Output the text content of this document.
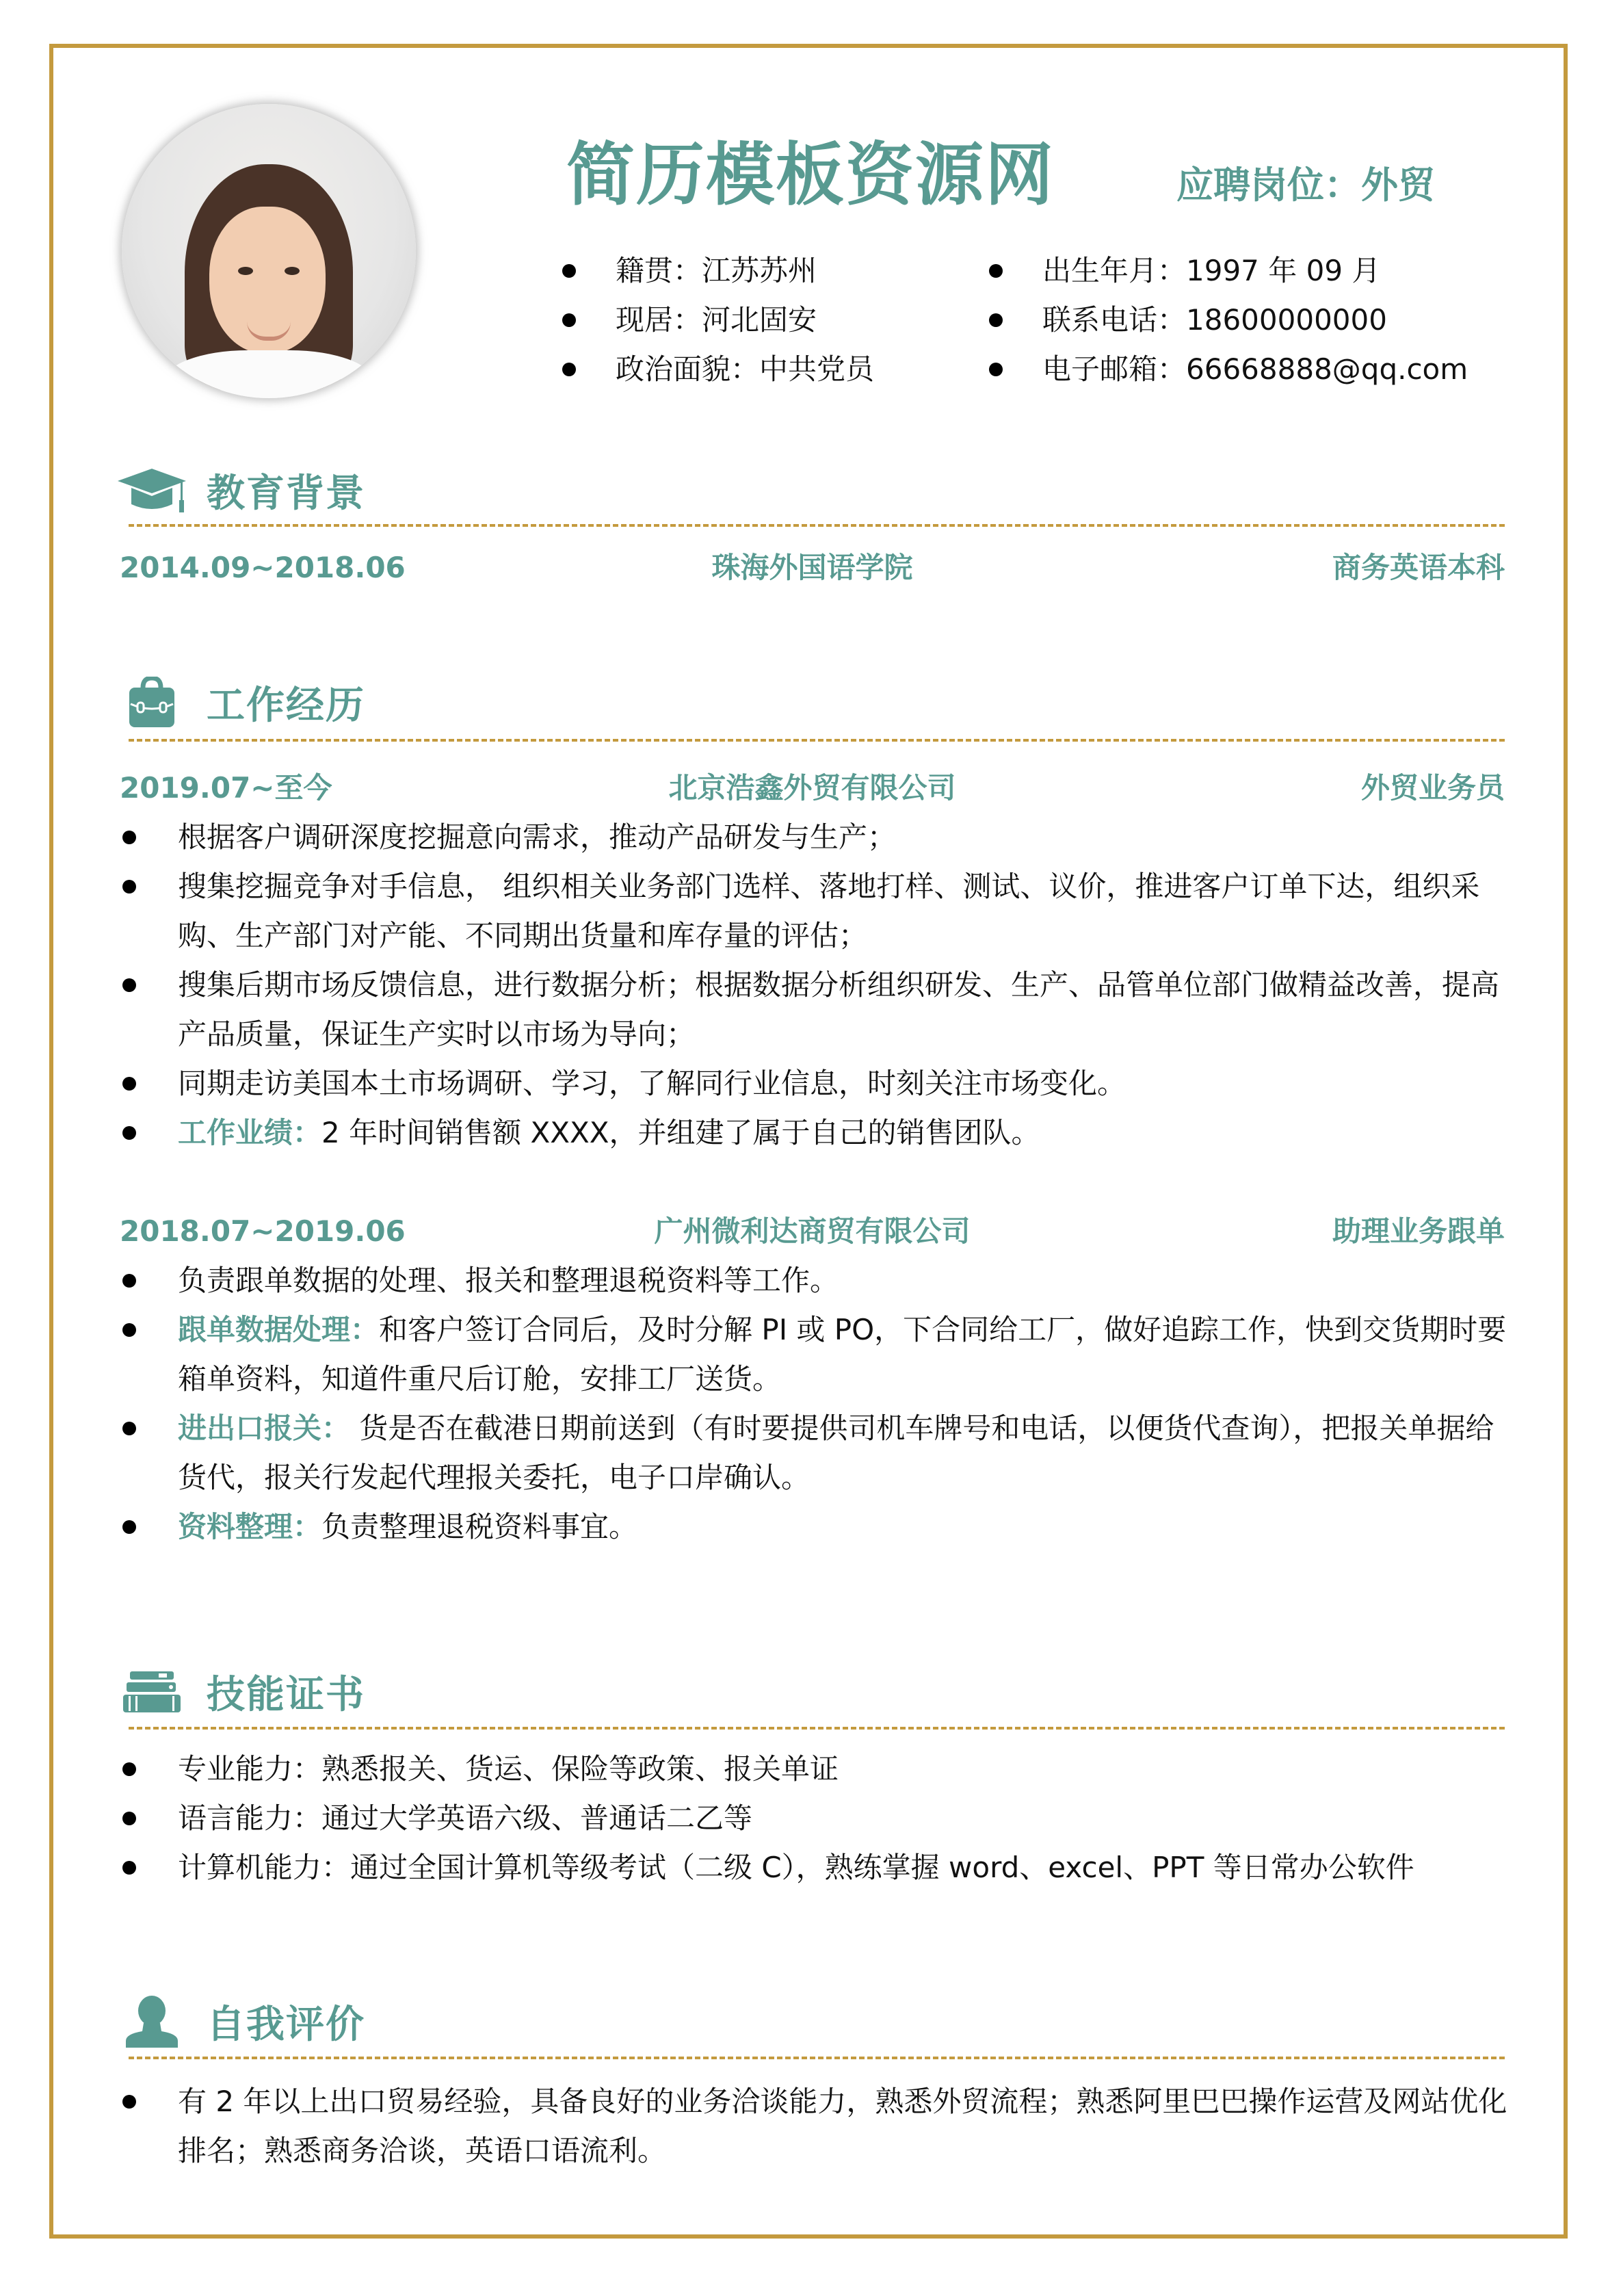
简历模板资源网	应聘岗位：外贸
籍贯： 江苏苏州
现居： 河北固安
政治面貌： 中共党员
出生年月： 1997 年 09 月
联系电话： 18600000000
电子邮箱： 66668888@qq.com
教育背景
2014.09~2018.06	珠海外国语学院	商务英语本科
工作经历
2019.07~至今	北京浩鑫外贸有限公司	外贸业务员
根据客户调研深度挖掘意向需求，推动产品研发与生产；
搜集挖掘竞争对手信息， 组织相关业务部门选样、落地打样、测试、议价，推进客户订单下达，组织采购、生产部门对产能、不同期出货量和库存量的评估；
搜集后期市场反馈信息，进行数据分析；根据数据分析组织研发、生产、品管单位部门做精益改善，提高产品质量，保证生产实时以市场为导向；
同期走访美国本土市场调研、学习，了解同行业信息，时刻关注市场变化。
工作业绩：2 年时间销售额 XXXX，并组建了属于自己的销售团队。
2018.07~2019.06	广州微利达商贸有限公司	助理业务跟单
负责跟单数据的处理、报关和整理退税资料等工作。
跟单数据处理：和客户签订合同后，及时分解 PI 或 PO，下合同给工厂，做好追踪工作，快到交货期时要箱单资料，知道件重尺后订舱，安排工厂送货。
进出口报关： 货是否在截港日期前送到（有时要提供司机车牌号和电话，以便货代查询），把报关单据给货代，报关行发起代理报关委托，电子口岸确认。
资料整理：负责整理退税资料事宜。
技能证书
专业能力：熟悉报关、货运、保险等政策、报关单证
语言能力：通过大学英语六级、普通话二乙等
计算机能力：通过全国计算机等级考试（二级 C），熟练掌握 word、excel、PPT 等日常办公软件
自我评价
有 2 年以上出口贸易经验，具备良好的业务洽谈能力，熟悉外贸流程；熟悉阿里巴巴操作运营及网站优化排名；熟悉商务洽谈，英语口语流利。
